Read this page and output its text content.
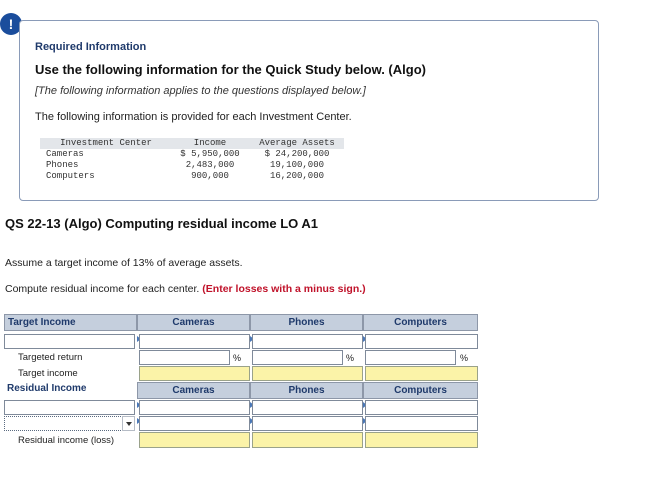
!
Required Information
Use the following information for the Quick Study below. (Algo)
[The following information applies to the questions displayed below.]
The following information is provided for each Investment Center.
Investment Center	Income	Average Assets
Cameras	$ 5,950,000	$ 24,200,000
Phones	2,483,000	19,100,000
Computers	900,000	16,200,000
QS 22-13 (Algo) Computing residual income LO A1
Assume a target income of 13% of average assets.
Compute residual income for each center. (Enter losses with a minus sign.)
Target Income	Cameras	Phones	Computers
Targeted return	%	%	%
Target income
Residual Income	Cameras	Phones	Computers
Residual income (loss)
